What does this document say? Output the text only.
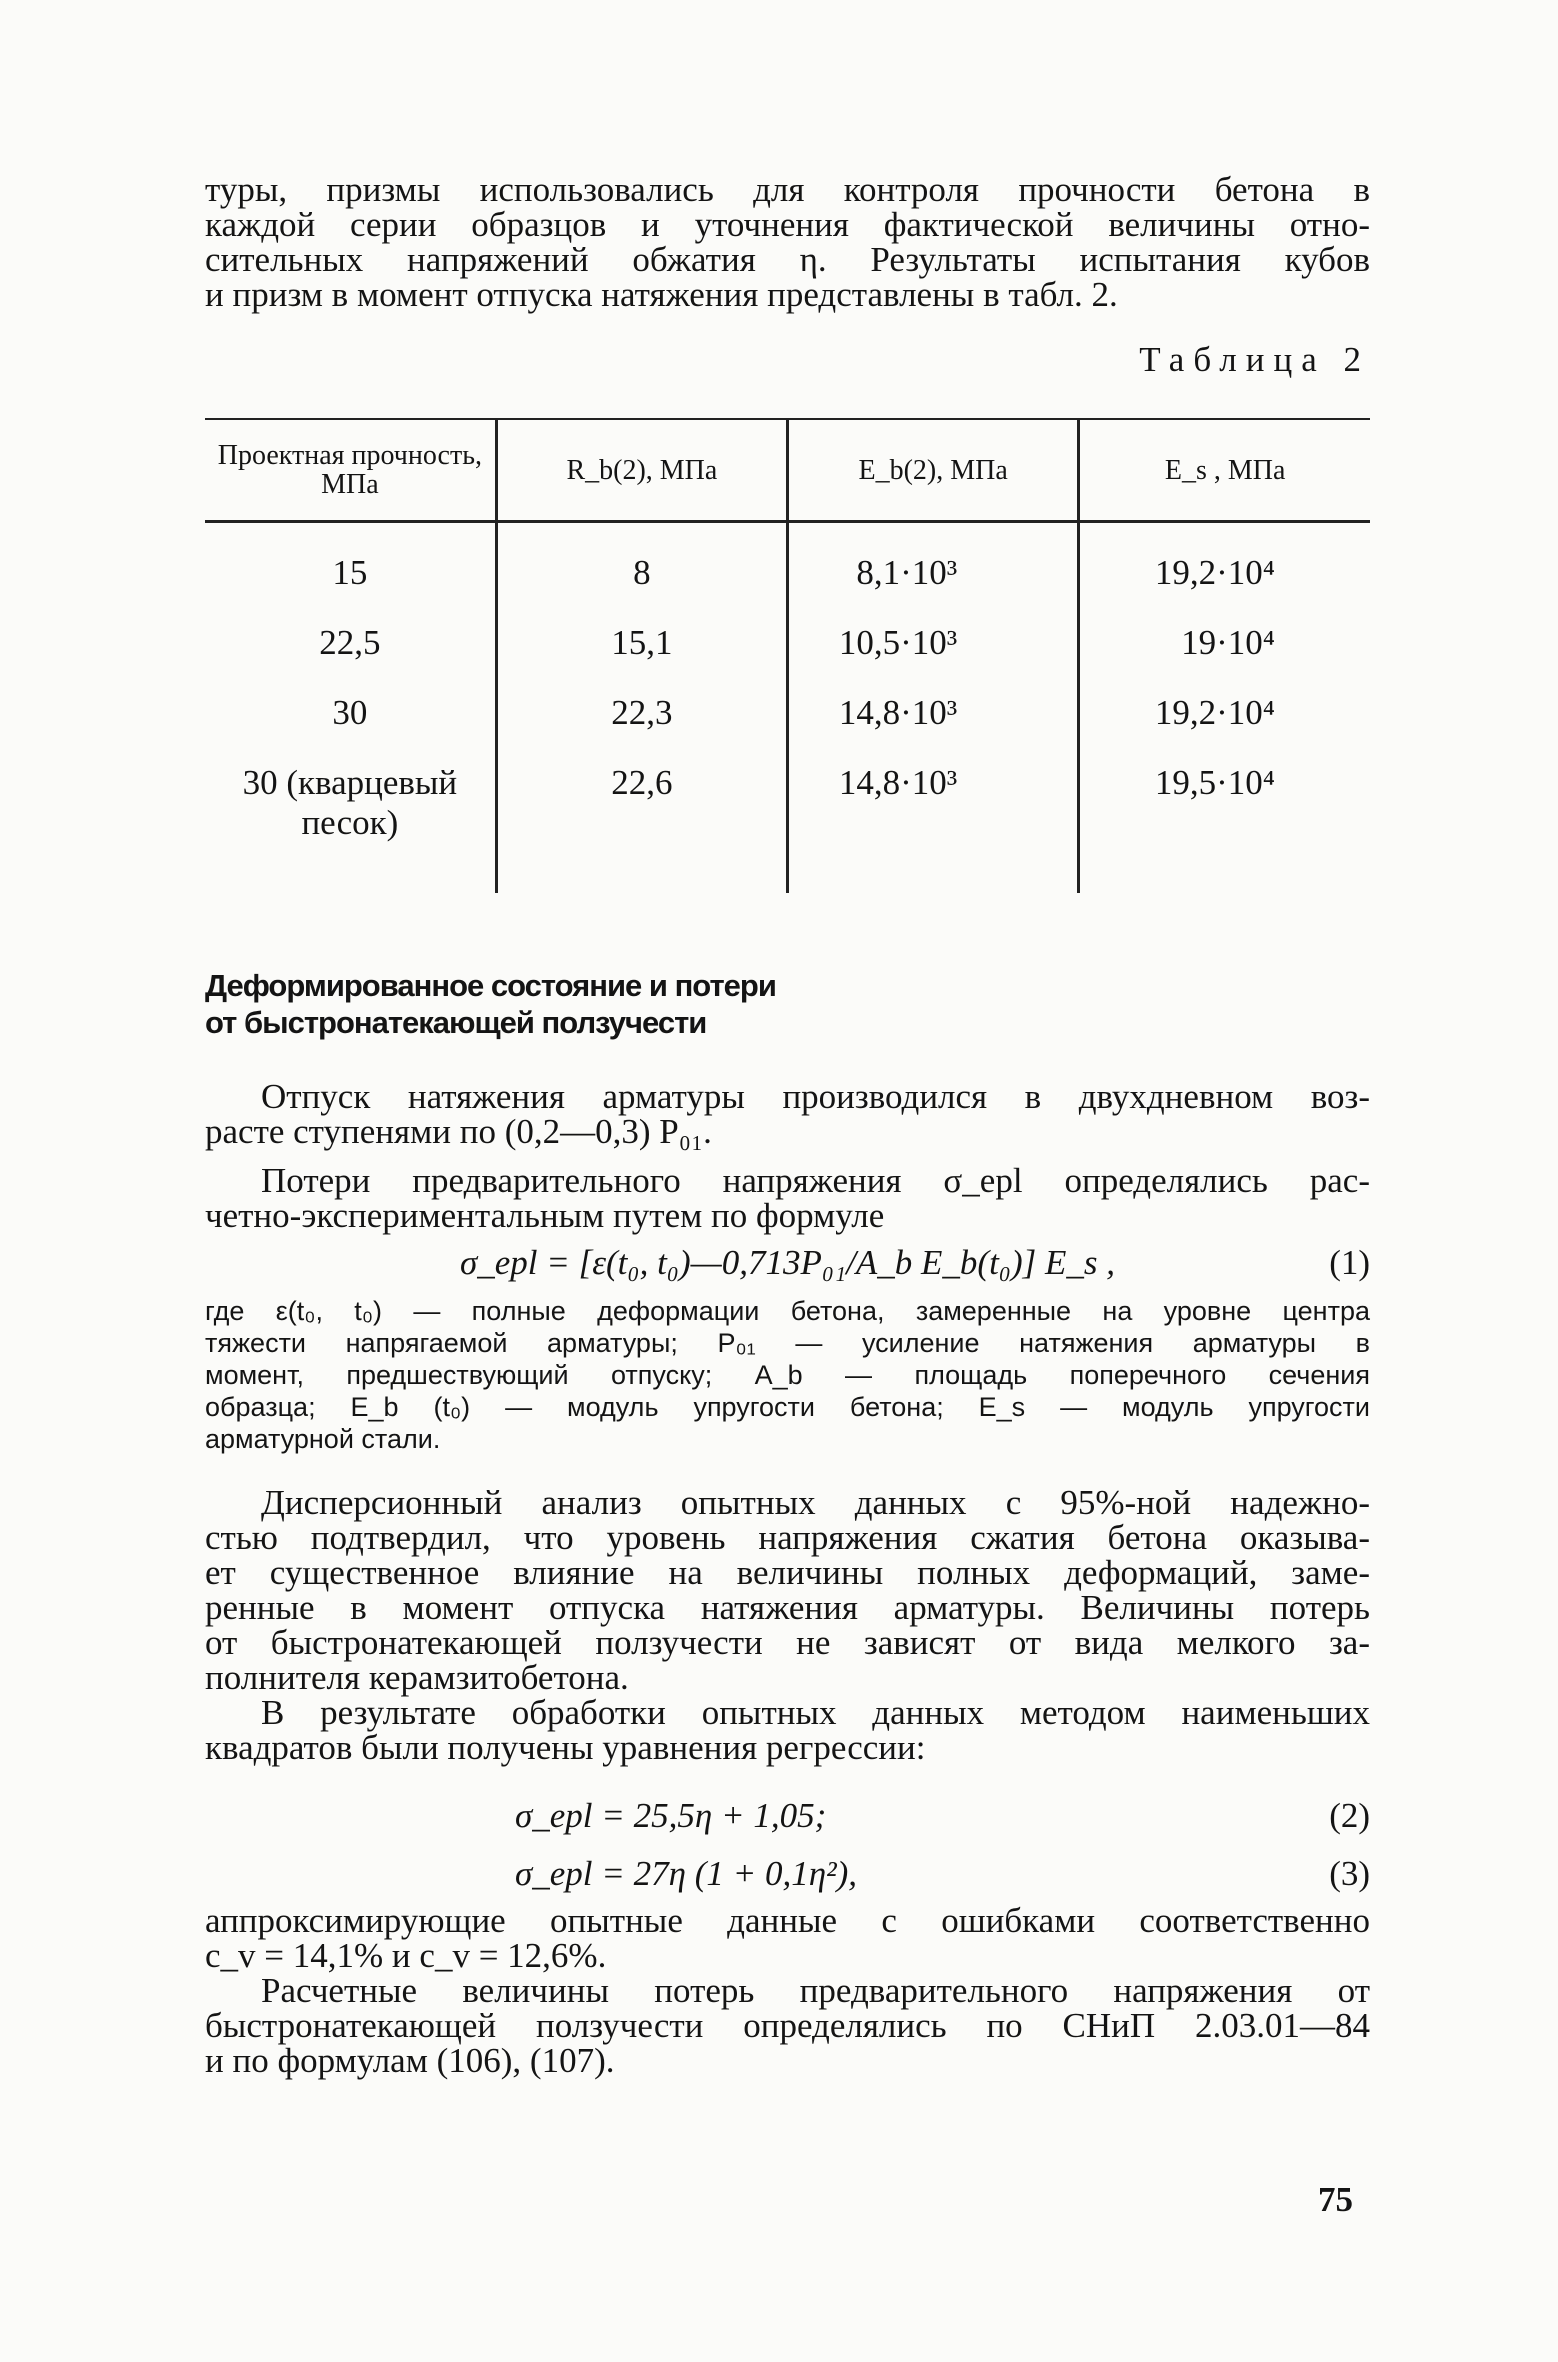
туры, призмы использовались для контроля прочности бетона в
каждой серии образцов и уточнения фактической величины отно-
сительных напряжений обжатия η. Результаты испытания кубов
и призм в момент отпуска натяжения представлены в табл. 2.
Таблица 2
Проектная прочность, МПа	R_b(2), МПа	E_b(2), МПа	E_s , МПа
15	8	8,1·10³	19,2·10⁴
22,5	15,1	10,5·10³	19·10⁴
30	22,3	14,8·10³	19,2·10⁴
30 (кварцевый песок)	22,6	14,8·10³	19,5·10⁴
Деформированное состояние и потери
от быстронатекающей ползучести
Отпуск натяжения арматуры производился в двухдневном воз-
расте ступенями по (0,2—0,3) P₀₁.
Потери предварительного напряжения σ_epl определялись рас-
четно-экспериментальным путем по формуле
σ_epl = [ε(t₀, t₀)—0,713P₀₁/A_b E_b(t₀)] E_s ,	(1)
где ε(t₀, t₀) — полные деформации бетона, замеренные на уровне центра
тяжести напрягаемой арматуры; P₀₁ — усиление натяжения арматуры в
момент, предшествующий отпуску; A_b — площадь поперечного сечения
образца; E_b (t₀) — модуль упругости бетона; E_s — модуль упругости
арматурной стали.
Дисперсионный анализ опытных данных с 95%-ной надежно-
стью подтвердил, что уровень напряжения сжатия бетона оказыва-
ет существенное влияние на величины полных деформаций, заме-
ренные в момент отпуска натяжения арматуры. Величины потерь
от быстронатекающей ползучести не зависят от вида мелкого за-
полнителя керамзитобетона.
В результате обработки опытных данных методом наименьших
квадратов были получены уравнения регрессии:
σ_epl = 25,5η + 1,05;	(2)
σ_epl = 27η (1 + 0,1η²),	(3)
аппроксимирующие опытные данные с ошибками соответственно
c_v = 14,1% и c_v = 12,6%.
Расчетные величины потерь предварительного напряжения от
быстронатекающей ползучести определялись по СНиП 2.03.01—84
и по формулам (106), (107).
75
